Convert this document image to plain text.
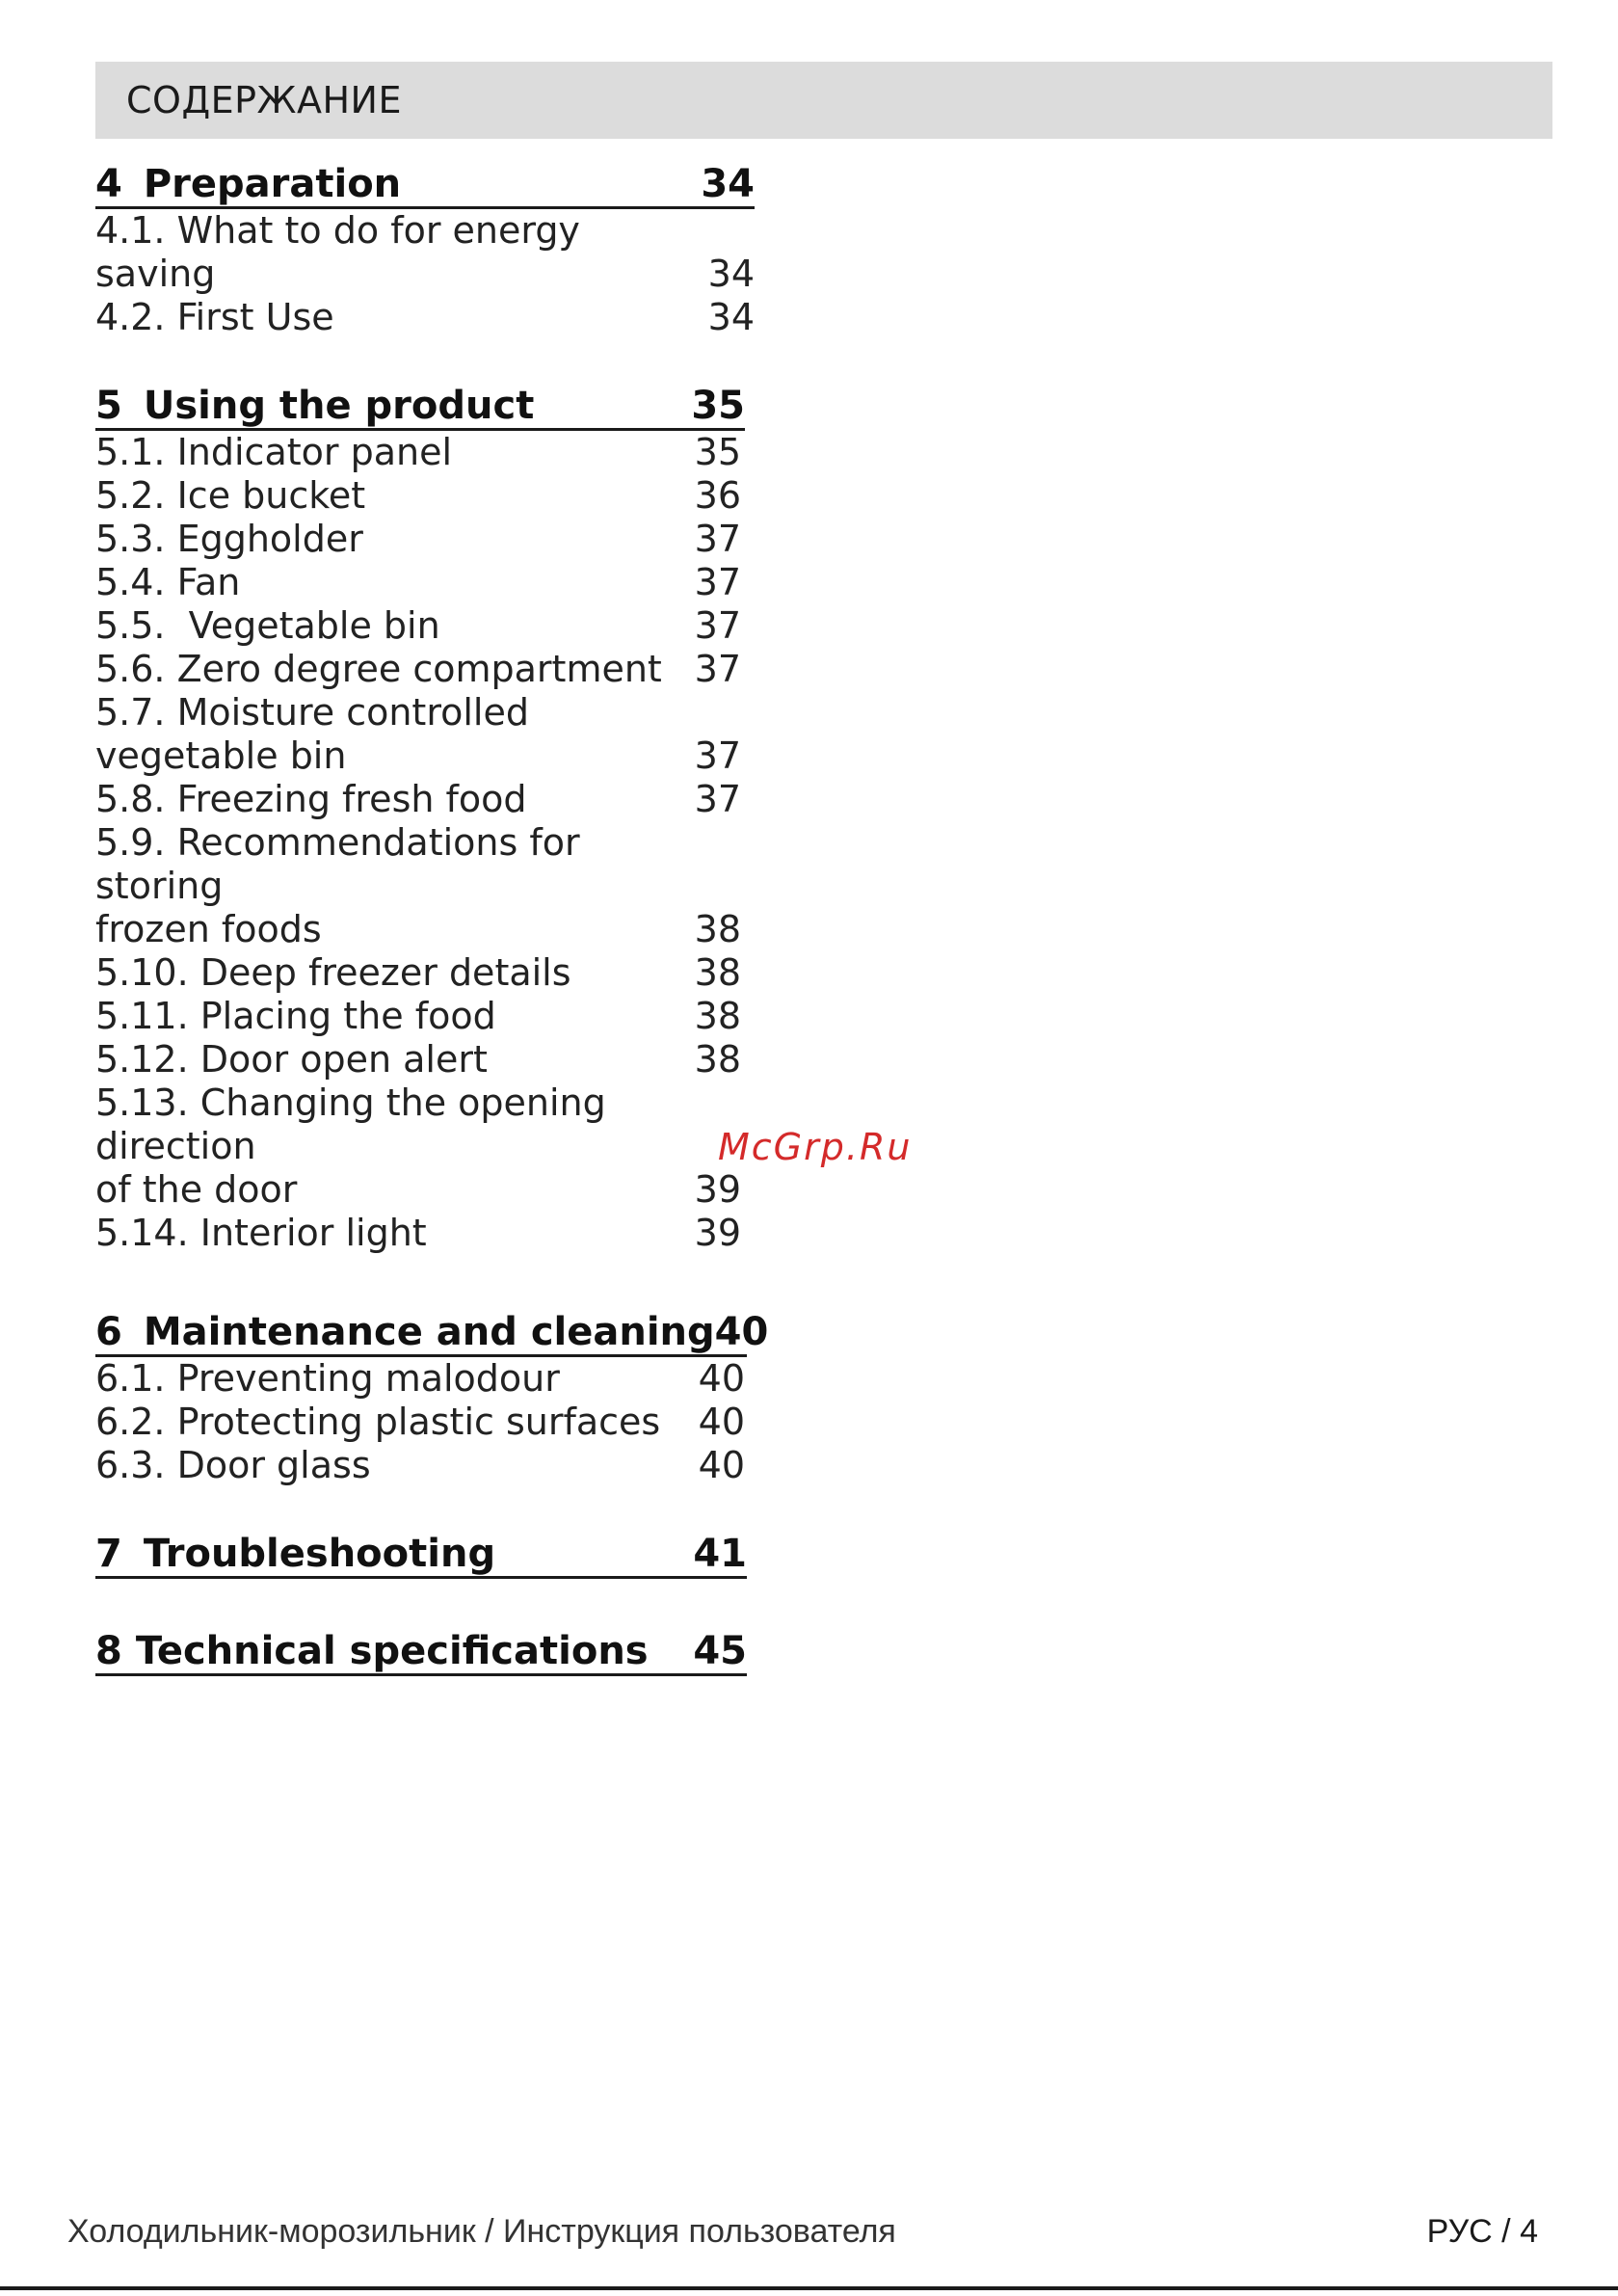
СОДЕРЖАНИЕ
4 Preparation	34
4.1. What to do for energy saving	34
4.2. First Use	34
5 Using the product	35
5.1. Indicator panel	35
5.2. Ice bucket	36
5.3. Eggholder	37
5.4. Fan	37
5.5.  Vegetable bin	37
5.6. Zero degree compartment 37
5.7. Moisture controlled
vegetable bin	37
5.8. Freezing fresh food	37
5.9. Recommendations for storing
frozen foods	38
5.10. Deep freezer details	38
5.11. Placing the food	38
5.12. Door open alert	38
5.13. Changing the opening direction
of the door	39
5.14. Interior light	39
6 Maintenance and cleaning 40
6.1. Preventing malodour	40
6.2. Protecting plastic surfaces 40
6.3. Door glass	40
7 Troubleshooting	41
8 Technical specifications 45
McGrp.Ru
Холодильник-морозильник / Инструкция пользователя	РУС / 4
